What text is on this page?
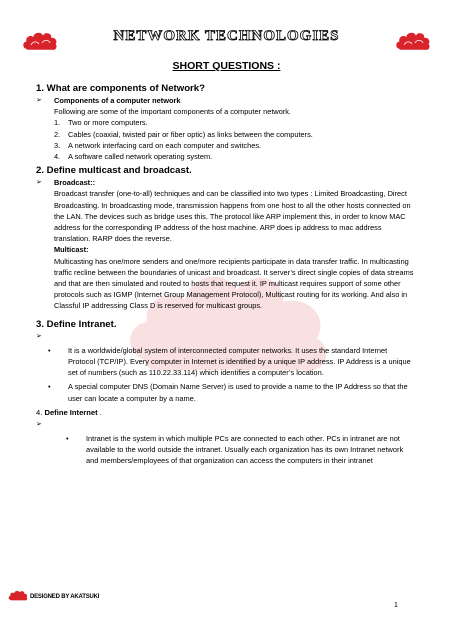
NETWORK TECHNOLOGIES
SHORT QUESTIONS :
1. What are components of Network?
➢	Components of a computer network
Following are some of the important components of a computer network.
1.	Two or more computers.
2.	Cables (coaxial, twisted pair or fiber optic) as links between the computers.
3.	A network interfacing card on each computer and switches.
4.	A software called network operating system.
2. Define multicast and broadcast.
➢	Broadcast::
Broadcast transfer (one-to-all) techniques and can be classified into two types : Limited Broadcasting, Direct Broadcasting. In broadcasting mode, transmission happens from one host to all the other hosts connected on the LAN. The devices such as bridge uses this. The protocol like ARP implement this, in order to know MAC address for the corresponding IP address of the host machine. ARP does ip address to mac address translation. RARP does the reverse.
Multicast:
Multicasting has one/more senders and one/more recipients participate in data transfer traffic. In multicasting traffic recline between the boundaries of unicast and broadcast. It server’s direct single copies of data streams and that are then simulated and routed to hosts that request it. IP multicast requires support of some other protocols such as IGMP (Internet Group Management Protocol), Multicast routing for its working. And also in Classful IP addressing Class D is reserved for multicast groups.
3. Define Intranet.
➢
•	It is a worldwide/global system of interconnected computer networks. It uses the standard Internet Protocol (TCP/IP). Every computer in Internet is identified by a unique IP address. IP Address is a unique set of numbers (such as 110.22.33.114) which identifies a computer’s location.
•	A special computer DNS (Domain Name Server) is used to provide a name to the IP Address so that the user can locate a computer by a name.
4. Define Internet .
➢
•	Intranet is the system in which multiple PCs are connected to each other. PCs in intranet are not available to the world outside the intranet. Usually each organization has its own Intranet network and members/employees of that organization can access the computers in their intranet
DESIGNED BY AKATSUKI
1
